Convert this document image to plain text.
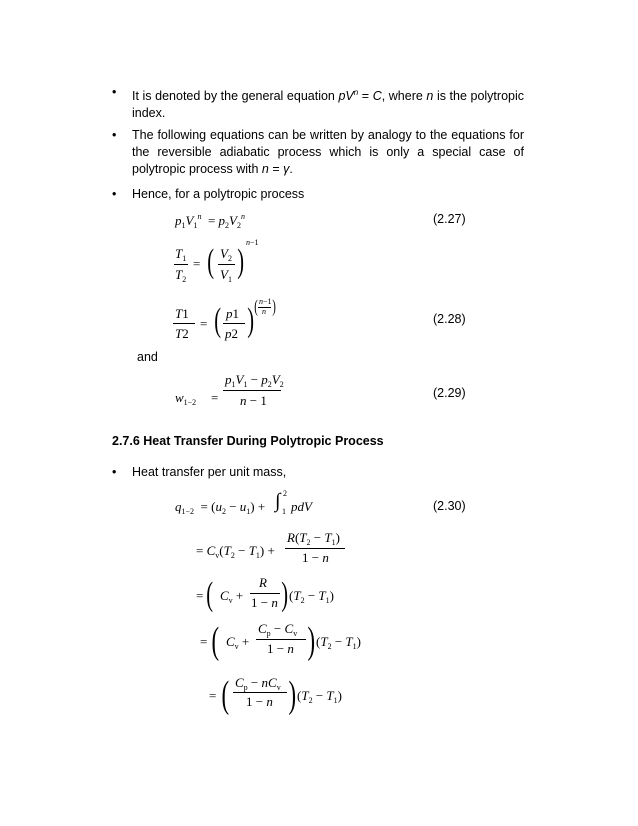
• It is denoted by the general equation $pV^n = C$, where n is the polytropic index.
• The following equations can be written by analogy to the equations for the reversible adiabatic process which is only a special case of polytropic process with n = γ.
• Hence, for a polytropic process
$p_1V_1^n = p_2V_2^n$	(2.27)
$T_1$
$T_2$
= ( $V_2$
$V_1$ )
n−1
T1
T2
= ( p1
p2 ) ( n−1
n )
(2.28)
and
$w_{1-2}$ =
$p_1V_1 - p_2V_2$
n − 1	(2.29)
2.7.6 Heat Transfer During Polytropic Process
• Heat transfer per unit mass,
$q_{1-2} = (u_2 - u_1)$ + ∫ 2
1 pdV	(2.30)
= $C_v(T_2 - T_1)$ +
$R(T_2 - T_1)$
1 − n
= ( $C_v$ +
R
1 − n ) $(T_2 - T_1)$
= ( $C_v$ +
$C_p - C_v$
1 − n ) $(T_2 - T_1)$
= ( $C_p - nC_v$
1 − n ) $(T_2 - T_1)$
